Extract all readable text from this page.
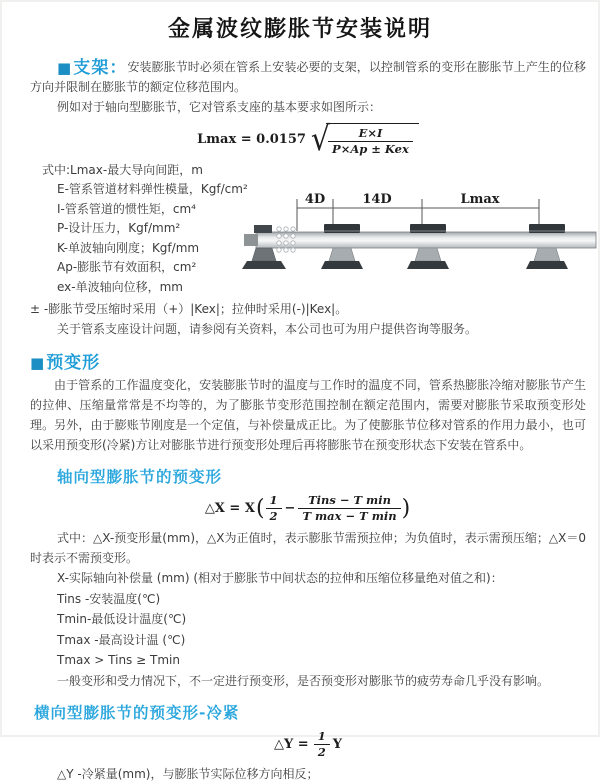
金属波纹膨胀节安装说明

■支架：安装膨胀节时必须在管系上安装必要的支架，以控制管系的变形在膨胀节上产生的位移方向并限制在膨胀节的额定位移范围内。

例如对于轴向型膨胀节，它对管系支座的基本要求如图所示：

Lmax = 0.0157 √
$\frac{E\times I}{\text{P×Ap ± Kex}}$
式中:Lmax-最大导向间距，m
E-管系管道材料弹性模量，Kgf/cm²
I-管系管道的惯性矩，cm⁴
P-设计压力，Kgf/mm²
K-单波轴向刚度；Kgf/mm
Ap-膨胀节有效面积，cm²
ex-单波轴向位移，mm
4D	14D	Lmax

± -膨胀节受压缩时采用（+）|Kex|；拉伸时采用(-)|Kex|。

关于管系支座设计问题，请参阅有关资料，本公司也可为用户提供咨询等服务。

■预变形

由于管系的工作温度变化，安装膨胀节时的温度与工作时的温度不同，管系热膨胀冷缩对膨胀节产生的拉伸、压缩量常常是不均等的，为了膨胀节变形范围控制在额定范围内，需要对膨胀节采取预变形处理。另外，由于膨账节刚度是一个定值，与补偿量成正比。为了使膨胀节位移对管系的作用力最小，也可以采用预变形(冷紧)方让对膨胀节进行预变形处理后再将膨胀节在预变形状态下安装在管系中。

轴向型膨胀节的预变形
△X = X ( $\frac{1}{2} - \frac{\text{Tins − T min}}{\text{T max − T min}}$ )

式中：△X-预变形量(mm)，△X为正值时，表示膨胀节需预拉伸；为负值时，表示需预压缩；△X＝0时表示不需预变形。

X-实际轴向补偿量 (mm) (相对于膨胀节中间状态的拉伸和压缩位移量绝对值之和)：
Tins -安装温度(℃)
Tmin-最低设计温度(℃)
Tmax -最高设计温 (℃)
Tmax > Tins ≥ Tmin
一般变形和受力情况下，不一定进行预变形，是否预变形对膨胀节的疲劳寿命几乎没有影响。
横向型膨胀节的预变形-冷紧
△Y = $\frac{1}{2}$ Y

△Y -冷紧量(mm)，与膨胀节实际位移方向相反；
